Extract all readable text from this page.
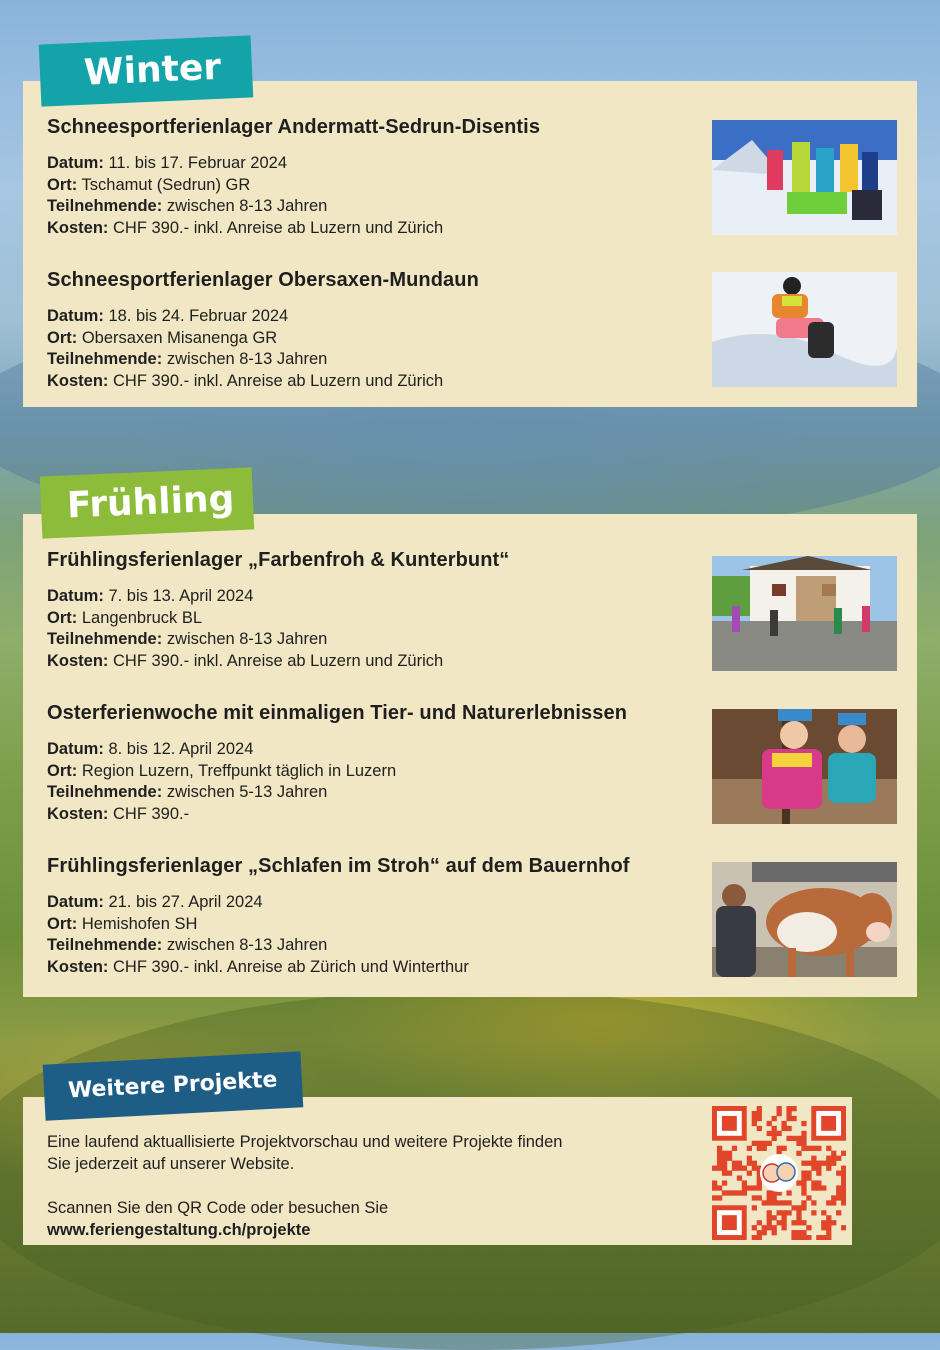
Winter
Schneesportferienlager Andermatt-Sedrun-Disentis
Datum: 11. bis 17. Februar 2024
Ort: Tschamut (Sedrun) GR
Teilnehmende: zwischen 8-13 Jahren
Kosten: CHF 390.- inkl. Anreise ab Luzern und Zürich
Schneesportferienlager Obersaxen-Mundaun
Datum: 18. bis 24. Februar 2024
Ort: Obersaxen Misanenga GR
Teilnehmende: zwischen 8-13 Jahren
Kosten: CHF 390.- inkl. Anreise ab Luzern und Zürich
Frühling
Frühlingsferienlager „Farbenfroh & Kunterbunt“
Datum: 7. bis 13. April 2024
Ort: Langenbruck BL
Teilnehmende: zwischen 8-13 Jahren
Kosten: CHF 390.- inkl. Anreise ab Luzern und Zürich
Osterferienwoche mit einmaligen Tier- und Naturerlebnissen
Datum: 8. bis 12. April 2024
Ort: Region Luzern, Treffpunkt täglich in Luzern
Teilnehmende: zwischen 5-13 Jahren
Kosten: CHF 390.-
Frühlingsferienlager „Schlafen im Stroh“ auf dem Bauernhof
Datum: 21. bis 27. April 2024
Ort: Hemishofen SH
Teilnehmende: zwischen 8-13 Jahren
Kosten: CHF 390.- inkl. Anreise ab Zürich und Winterthur
Weitere Projekte

Eine laufend aktuallisierte Projektvorschau und weitere Projekte finden

Sie jederzeit auf unserer Website.

Scannen Sie den QR Code oder besuchen Sie

www.feriengestaltung.ch/projekte
